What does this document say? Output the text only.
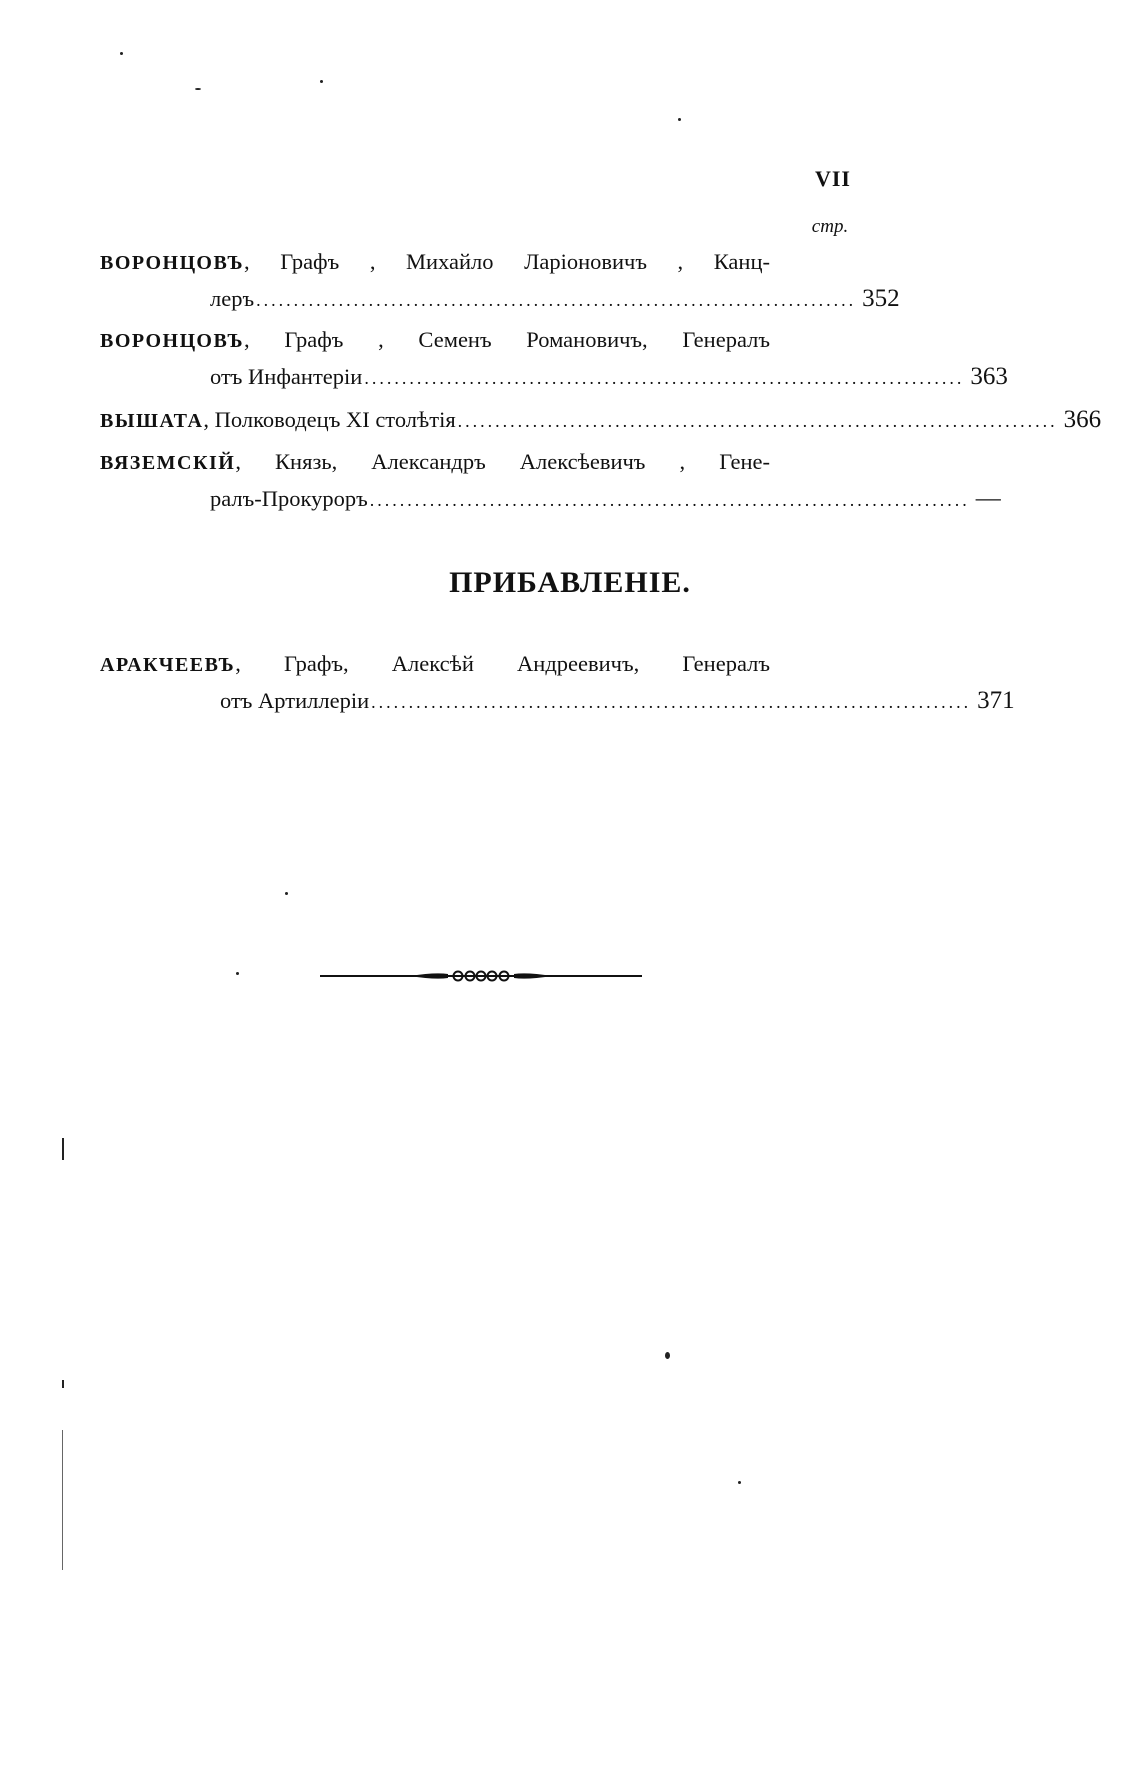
VII
стр.
ВОРОНЦОВЪ, Графъ , Михайло Ларіоновичъ , Канц-
леръ ................................................................................ 352
ВОРОНЦОВЪ, Графъ , Семенъ Романовичъ, Генералъ
отъ Инфантеріи ................................................................................ 363
ВЫШАТА, Полководецъ XI столѣтія ................................................................................ 366
ВЯЗЕМСКІЙ, Князь, Александръ Алексѣевичъ , Гене-
ралъ-Прокуроръ ................................................................................ —
ПРИБАВЛЕНІЕ.
АРАКЧЕЕВЪ, Графъ, Алексѣй Андреевичъ, Генералъ
отъ Артиллеріи ................................................................................ 371
